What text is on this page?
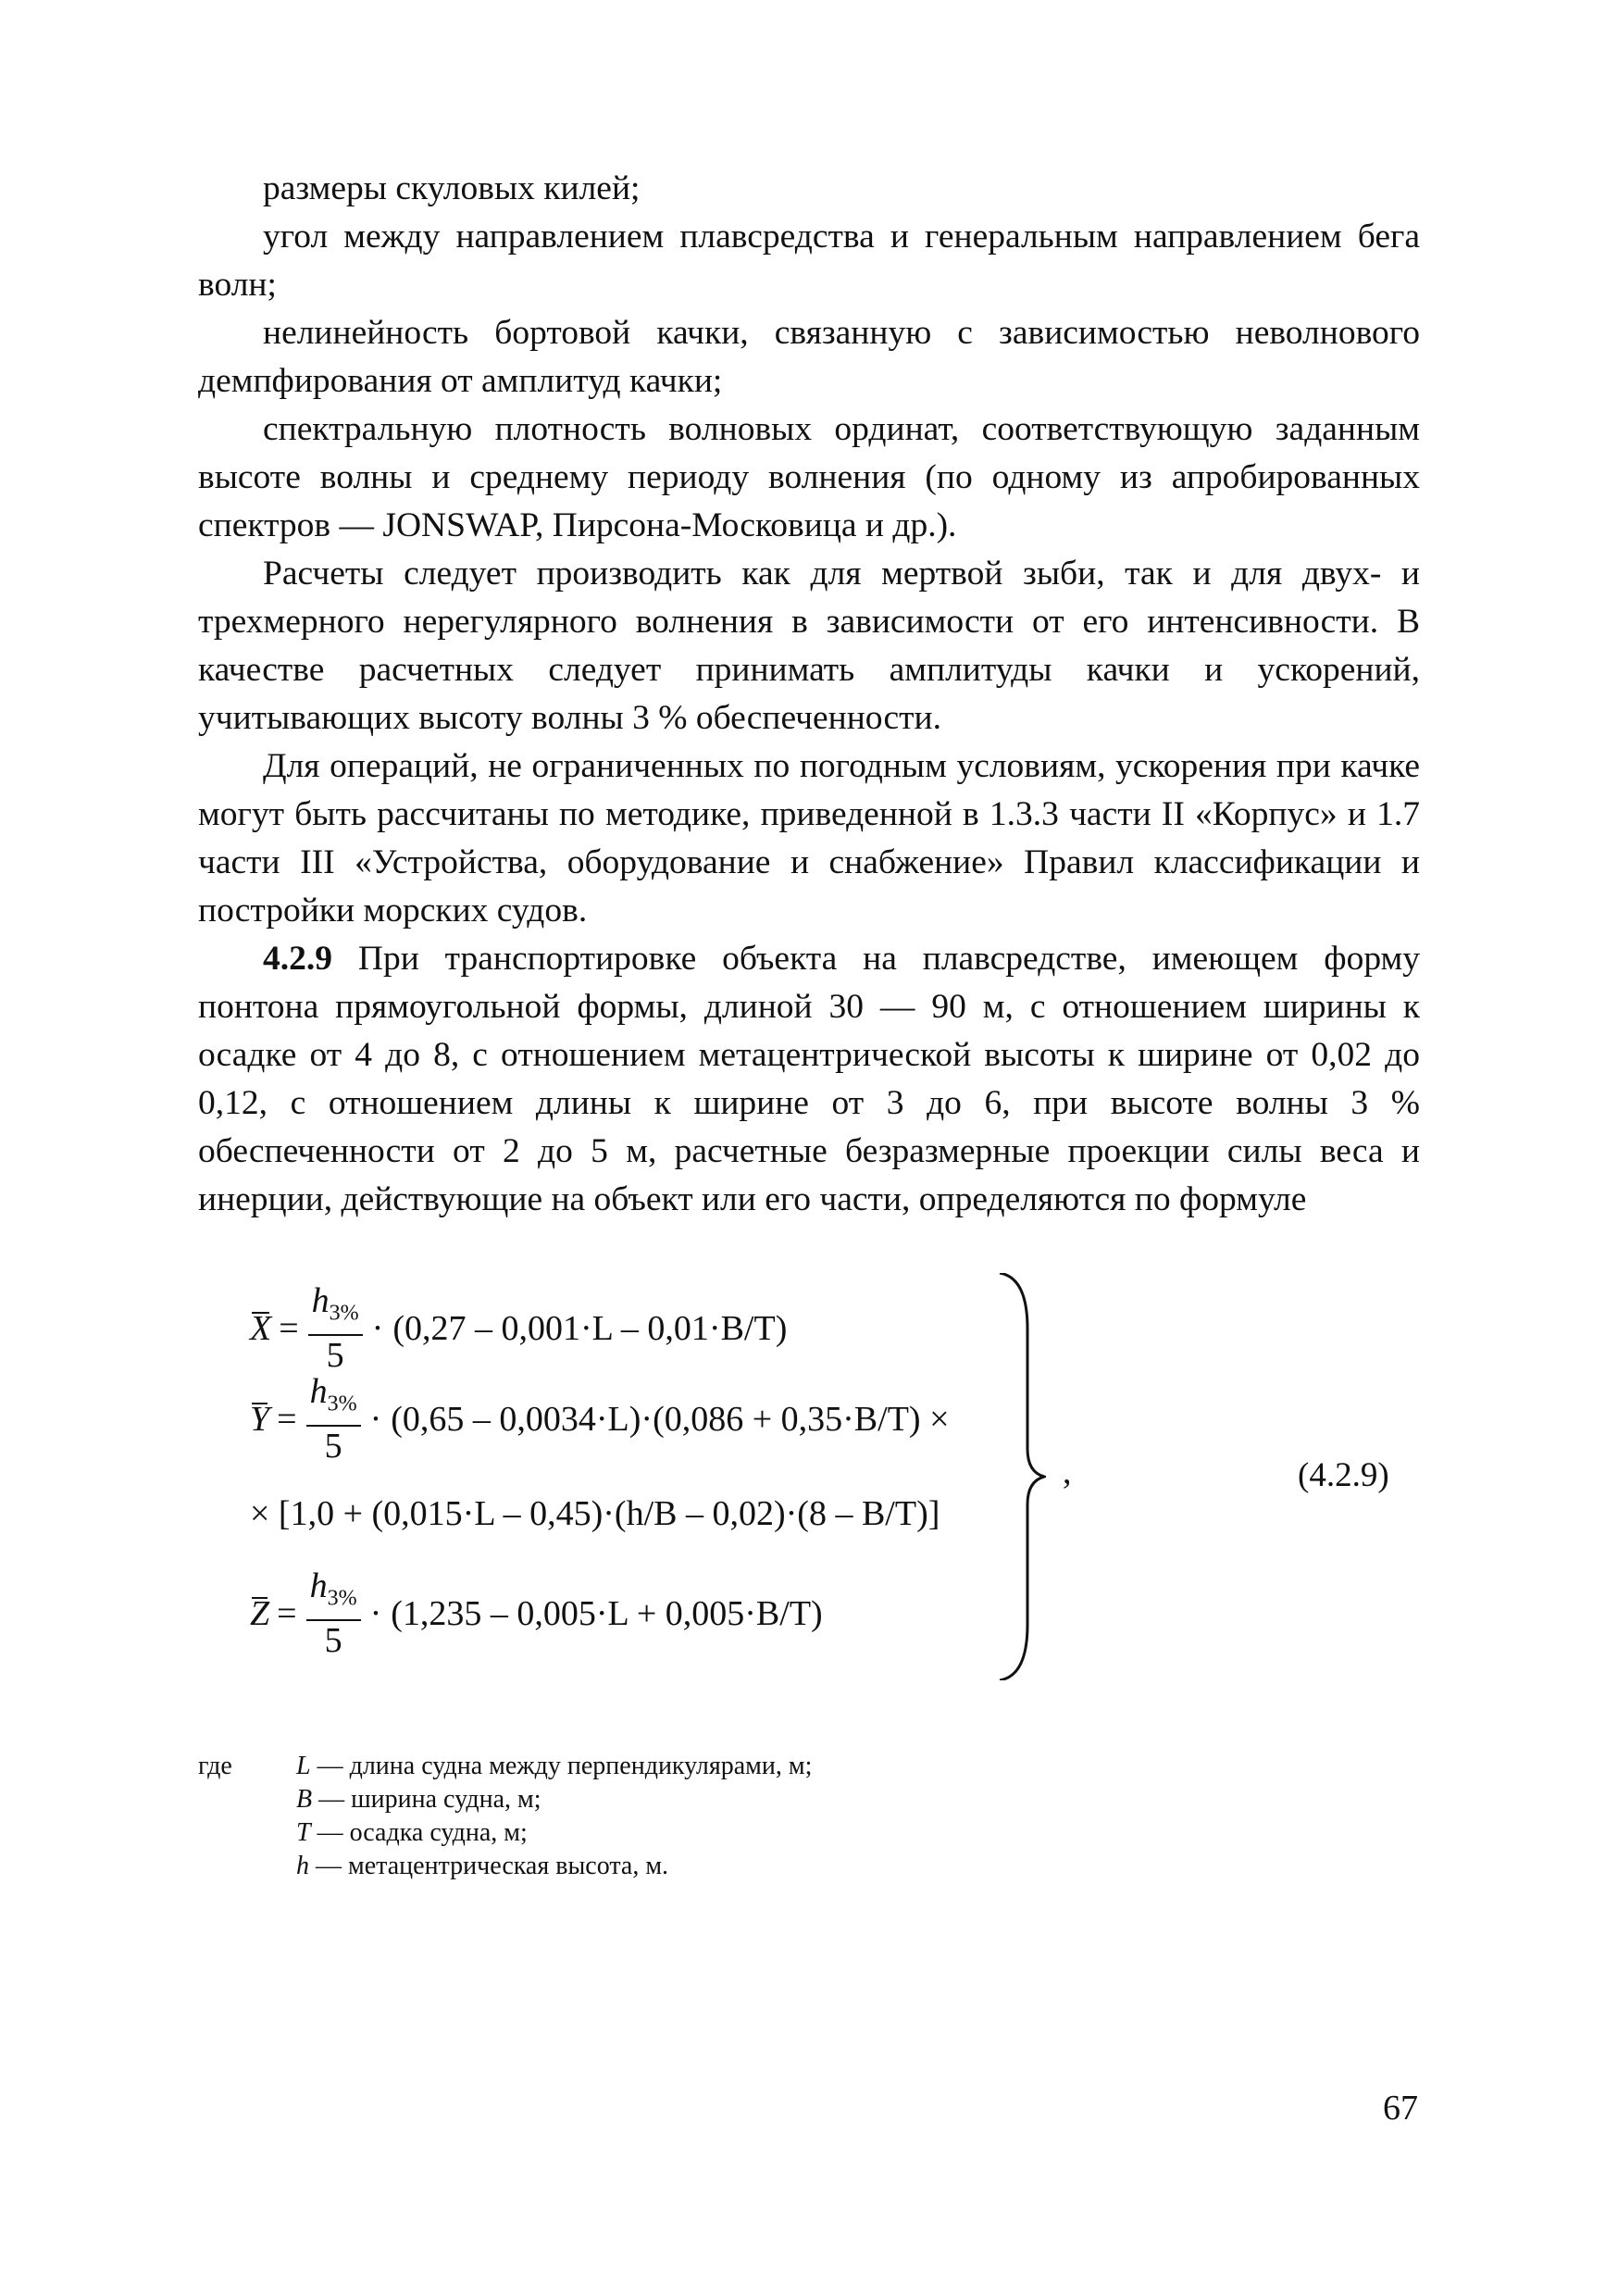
размеры скуловых килей;

угол между направлением плавсредства и генеральным направлением бега волн;

нелинейность бортовой качки, связанную с зависимостью неволнового демпфирования от амплитуд качки;

спектральную плотность волновых ординат, соответствующую заданным высоте волны и среднему периоду волнения (по одному из апробированных спектров — JONSWAP, Пирсона-Московица и др.).

Расчеты следует производить как для мертвой зыби, так и для двух- и трехмерного нерегулярного волнения в зависимости от его интенсивности. В качестве расчетных следует принимать амплитуды качки и ускорений, учитывающих высоту волны 3 % обеспеченности.

Для операций, не ограниченных по погодным условиям, ускорения при качке могут быть рассчитаны по методике, приведенной в 1.3.3 части II «Корпус» и 1.7 части III «Устройства, оборудование и снабжение» Правил классификации и постройки морских судов.

4.2.9 При транспортировке объекта на плавсредстве, имеющем форму понтона прямоугольной формы, длиной 30 — 90 м, с отношением ширины к осадке от 4 до 8, с отношением метацентрической высоты к ширине от 0,02 до 0,12, с отношением длины к ширине от 3 до 6, при высоте волны 3 % обеспеченности от 2 до 5 м, расчетные безразмерные проекции силы веса и инерции, действующие на объект или его части, определяются по формуле

$X = \frac{h_{3\%}}{5} \cdot (0,27 - 0,001\cdot L - 0,01\cdot B/T)$
$Y = \frac{h_{3\%}}{5} \cdot (0,65 - 0,0034\cdot L)\cdot(0,086 + 0,35\cdot B/T)$ ×
× [1,0 + (0,015·L – 0,45)·(h/B – 0,02)·(8 – B/T)]
$Z = \frac{h_{3\%}}{5} \cdot (1,235 - 0,005\cdot L + 0,005\cdot B/T)$
,	(4.2.9)
где L — длина судна между перпендикулярами, м;
B — ширина судна, м;
T — осадка судна, м;
h — метацентрическая высота, м.
67
